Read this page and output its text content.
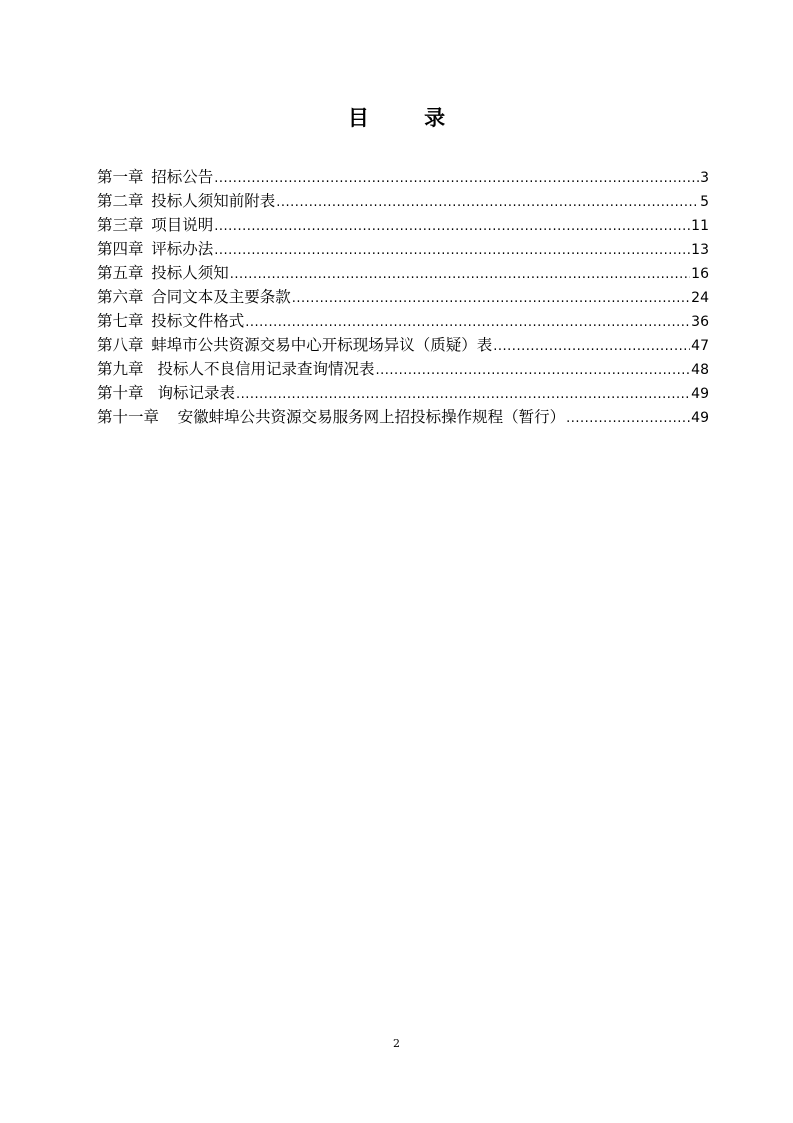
目 录
第一章 招标公告 .....	3
第二章 投标人须知前附表 .....	5
第三章 项目说明 .....	11
第四章 评标办法 .....	13
第五章 投标人须知 .....	16
第六章 合同文本及主要条款 .....	24
第七章 投标文件格式 .....	36
第八章 蚌埠市公共资源交易中心开标现场异议（质疑）表 .....	47
第九章 投标人不良信用记录查询情况表 .....	48
第十章 询标记录表 .....	49
第十一章 安徽蚌埠公共资源交易服务网上招投标操作规程（暂行） .....	49
2
